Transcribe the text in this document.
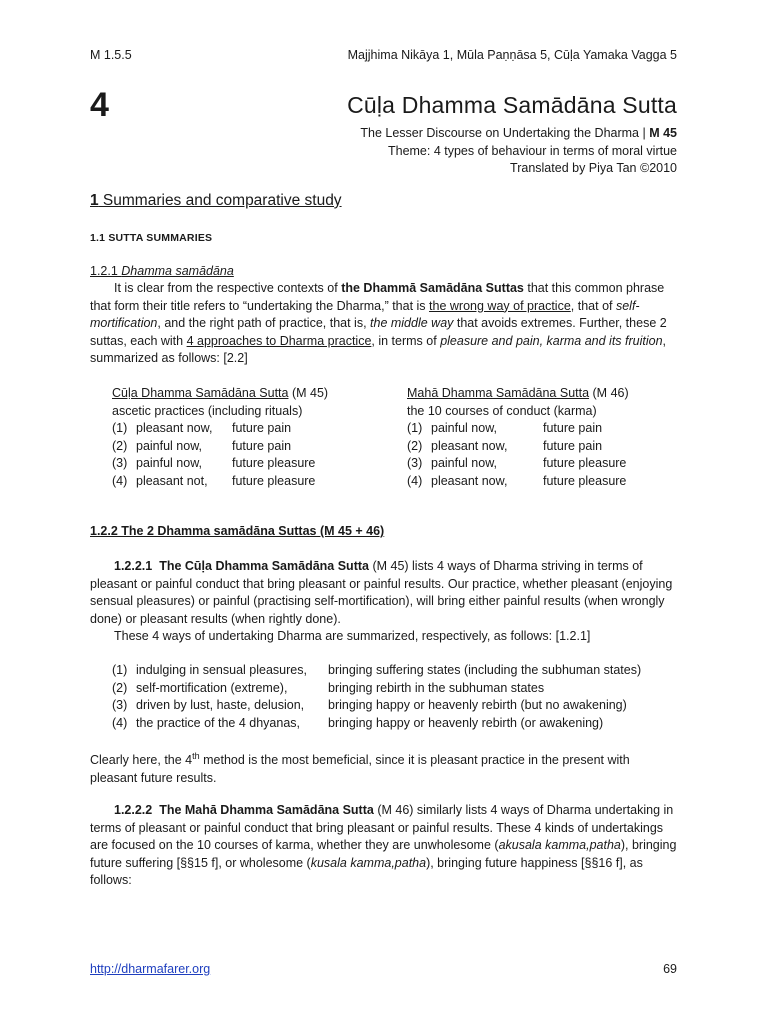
M 1.5.5	Majjhima Nikāya 1, Mūla Paṇṇāsa 5, Cūḷa Yamaka Vagga 5
4	Cūḷa Dhamma Samādāna Sutta
The Lesser Discourse on Undertaking the Dharma | M 45
Theme: 4 types of behaviour in terms of moral virtue
Translated by Piya Tan ©2010
1 Summaries and comparative study
1.1 SUTTA SUMMARIES
1.2.1 Dhamma samādāna

It is clear from the respective contexts of the Dhammā Samādāna Suttas that this common phrase that form their title refers to “undertaking the Dharma,” that is the wrong way of practice, that of self-mortification, and the right path of practice, that is, the middle way that avoids extremes. Further, these 2 suttas, each with 4 approaches to Dharma practice, in terms of pleasure and pain, karma and its fruition, summarized as follows: [2.2]

Cūḷa Dhamma Samādāna Sutta (M 45)
ascetic practices (including rituals)
(1) pleasant now,	future pain
(2) painful now,	future pain
(3) painful now,	future pleasure
(4) pleasant not,	future pleasure
Mahā Dhamma Samādāna Sutta (M 46)
the 10 courses of conduct (karma)
(1) painful now,	future pain
(2) pleasant now,	future pain
(3) painful now,	future pleasure
(4) pleasant now,	future pleasure
1.2.2 The 2 Dhamma samādāna Suttas (M 45 + 46)

1.2.2.1 The Cūḷa Dhamma Samādāna Sutta (M 45) lists 4 ways of Dharma striving in terms of pleasant or painful conduct that bring pleasant or painful results. Our practice, whether pleasant (enjoying sensual pleasures) or painful (practising self-mortification), will bring either painful results (when wrongly done) or pleasant results (when rightly done).

These 4 ways of undertaking Dharma are summarized, respectively, as follows: [1.2.1]

(1) indulging in sensual pleasures,	bringing suffering states (including the subhuman states)
(2) self-mortification (extreme),	bringing rebirth in the subhuman states
(3) driven by lust, haste, delusion,	bringing happy or heavenly rebirth (but no awakening)
(4) the practice of the 4 dhyanas,	bringing happy or heavenly rebirth (or awakening)

Clearly here, the 4th method is the most bemeficial, since it is pleasant practice in the present with pleasant future results.

1.2.2.2 The Mahā Dhamma Samādāna Sutta (M 46) similarly lists 4 ways of Dharma undertaking in terms of pleasant or painful conduct that bring pleasant or painful results. These 4 kinds of undertakings are focused on the 10 courses of karma, whether they are unwholesome (akusala kamma,patha), bringing future suffering [§§15 f], or wholesome (kusala kamma,patha), bringing future happiness [§§16 f], as follows:

http://dharmafarer.org	69
